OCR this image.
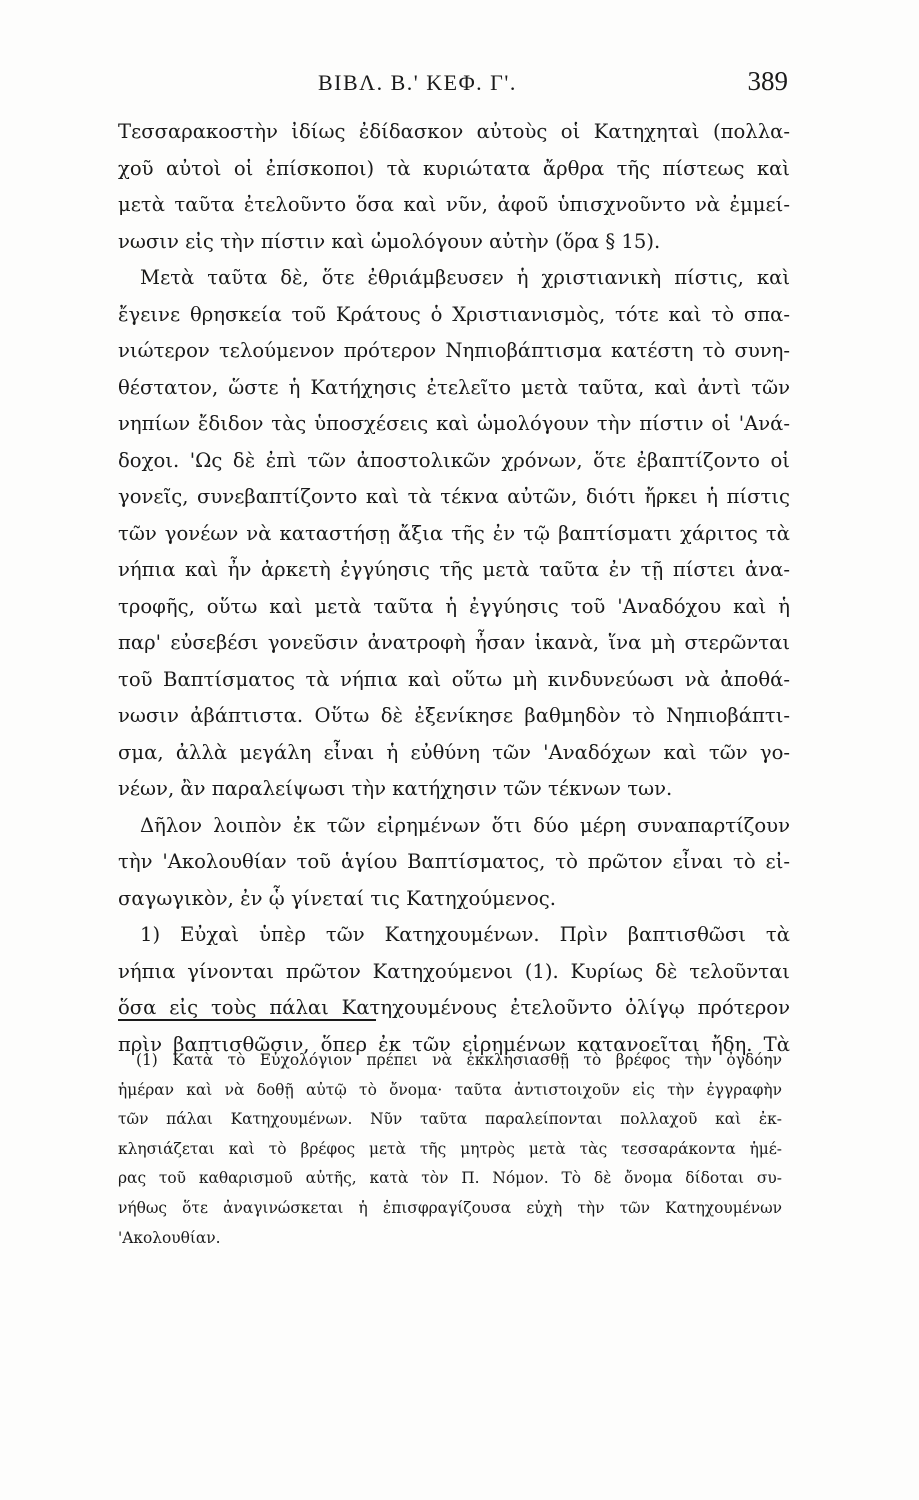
ΒΙΒΛ. Β.' ΚΕΦ. Γ'.	389
Τεσσαρακοστὴν ἰδίως ἐδίδασκον αὐτοὺς οἱ Κατηχηταὶ (πολλα-
χοῦ αὐτοὶ οἱ ἐπίσκοποι) τὰ κυριώτατα ἄρθρα τῆς πίστεως καὶ
μετὰ ταῦτα ἐτελοῦντο ὅσα καὶ νῦν, ἀφοῦ ὑπισχνοῦντο νὰ ἐμμεί-
νωσιν εἰς τὴν πίστιν καὶ ὡμολόγουν αὐτὴν (ὅρα § 15).
Μετὰ ταῦτα δὲ, ὅτε ἐθριάμβευσεν ἡ χριστιανικὴ πίστις, καὶ
ἔγεινε θρησκεία τοῦ Κράτους ὁ Χριστιανισμὸς, τότε καὶ τὸ σπα-
νιώτερον τελούμενον πρότερον Νηπιοβάπτισμα κατέστη τὸ συνη-
θέστατον, ὥστε ἡ Κατήχησις ἐτελεῖτο μετὰ ταῦτα, καὶ ἀντὶ τῶν
νηπίων ἔδιδον τὰς ὑποσχέσεις καὶ ὡμολόγουν τὴν πίστιν οἱ 'Ανά-
δοχοι. 'Ως δὲ ἐπὶ τῶν ἀποστολικῶν χρόνων, ὅτε ἐβαπτίζοντο οἱ
γονεῖς, συνεβαπτίζοντο καὶ τὰ τέκνα αὐτῶν, διότι ἤρκει ἡ πίστις
τῶν γονέων νὰ καταστήσῃ ἄξια τῆς ἐν τῷ βαπτίσματι χάριτος τὰ
νήπια καὶ ἦν ἀρκετὴ ἐγγύησις τῆς μετὰ ταῦτα ἐν τῇ πίστει ἀνα-
τροφῆς, οὕτω καὶ μετὰ ταῦτα ἡ ἐγγύησις τοῦ 'Αναδόχου καὶ ἡ
παρ' εὐσεβέσι γονεῦσιν ἀνατροφὴ ἦσαν ἱκανὰ, ἵνα μὴ στερῶνται
τοῦ Βαπτίσματος τὰ νήπια καὶ οὕτω μὴ κινδυνεύωσι νὰ ἀποθά-
νωσιν ἀβάπτιστα. Οὕτω δὲ ἐξενίκησε βαθμηδὸν τὸ Νηπιοβάπτι-
σμα, ἀλλὰ μεγάλη εἶναι ἡ εὐθύνη τῶν 'Αναδόχων καὶ τῶν γο-
νέων, ἂν παραλείψωσι τὴν κατήχησιν τῶν τέκνων των.
Δῆλον λοιπὸν ἐκ τῶν εἰρημένων ὅτι δύο μέρη συναπαρτίζουν
τὴν 'Ακολουθίαν τοῦ ἁγίου Βαπτίσματος, τὸ πρῶτον εἶναι τὸ εἰ-
σαγωγικὸν, ἐν ᾧ γίνεταί τις Κατηχούμενος.
1) Εὐχαὶ ὑπὲρ τῶν Κατηχουμένων. Πρὶν βαπτισθῶσι τὰ
νήπια γίνονται πρῶτον Κατηχούμενοι (1). Κυρίως δὲ τελοῦνται
ὅσα εἰς τοὺς πάλαι Κατηχουμένους ἐτελοῦντο ὀλίγῳ πρότερον
πρὶν βαπτισθῶσιν, ὅπερ ἐκ τῶν εἰρημένων κατανοεῖται ἤδη. Τὰ
(1) Κατὰ τὸ Εὐχολόγιον πρέπει νὰ ἐκκλησιασθῇ τὸ βρέφος τὴν ὀγδόην
ἡμέραν καὶ νὰ δοθῇ αὐτῷ τὸ ὄνομα· ταῦτα ἀντιστοιχοῦν εἰς τὴν ἐγγραφὴν
τῶν πάλαι Κατηχουμένων. Νῦν ταῦτα παραλείπονται πολλαχοῦ καὶ ἐκ-
κλησιάζεται καὶ τὸ βρέφος μετὰ τῆς μητρὸς μετὰ τὰς τεσσαράκοντα ἡμέ-
ρας τοῦ καθαρισμοῦ αὐτῆς, κατὰ τὸν Π. Νόμον. Τὸ δὲ ὄνομα δίδοται συ-
νήθως ὅτε ἀναγινώσκεται ἡ ἐπισφραγίζουσα εὐχὴ τὴν τῶν Κατηχουμένων
'Ακολουθίαν.
